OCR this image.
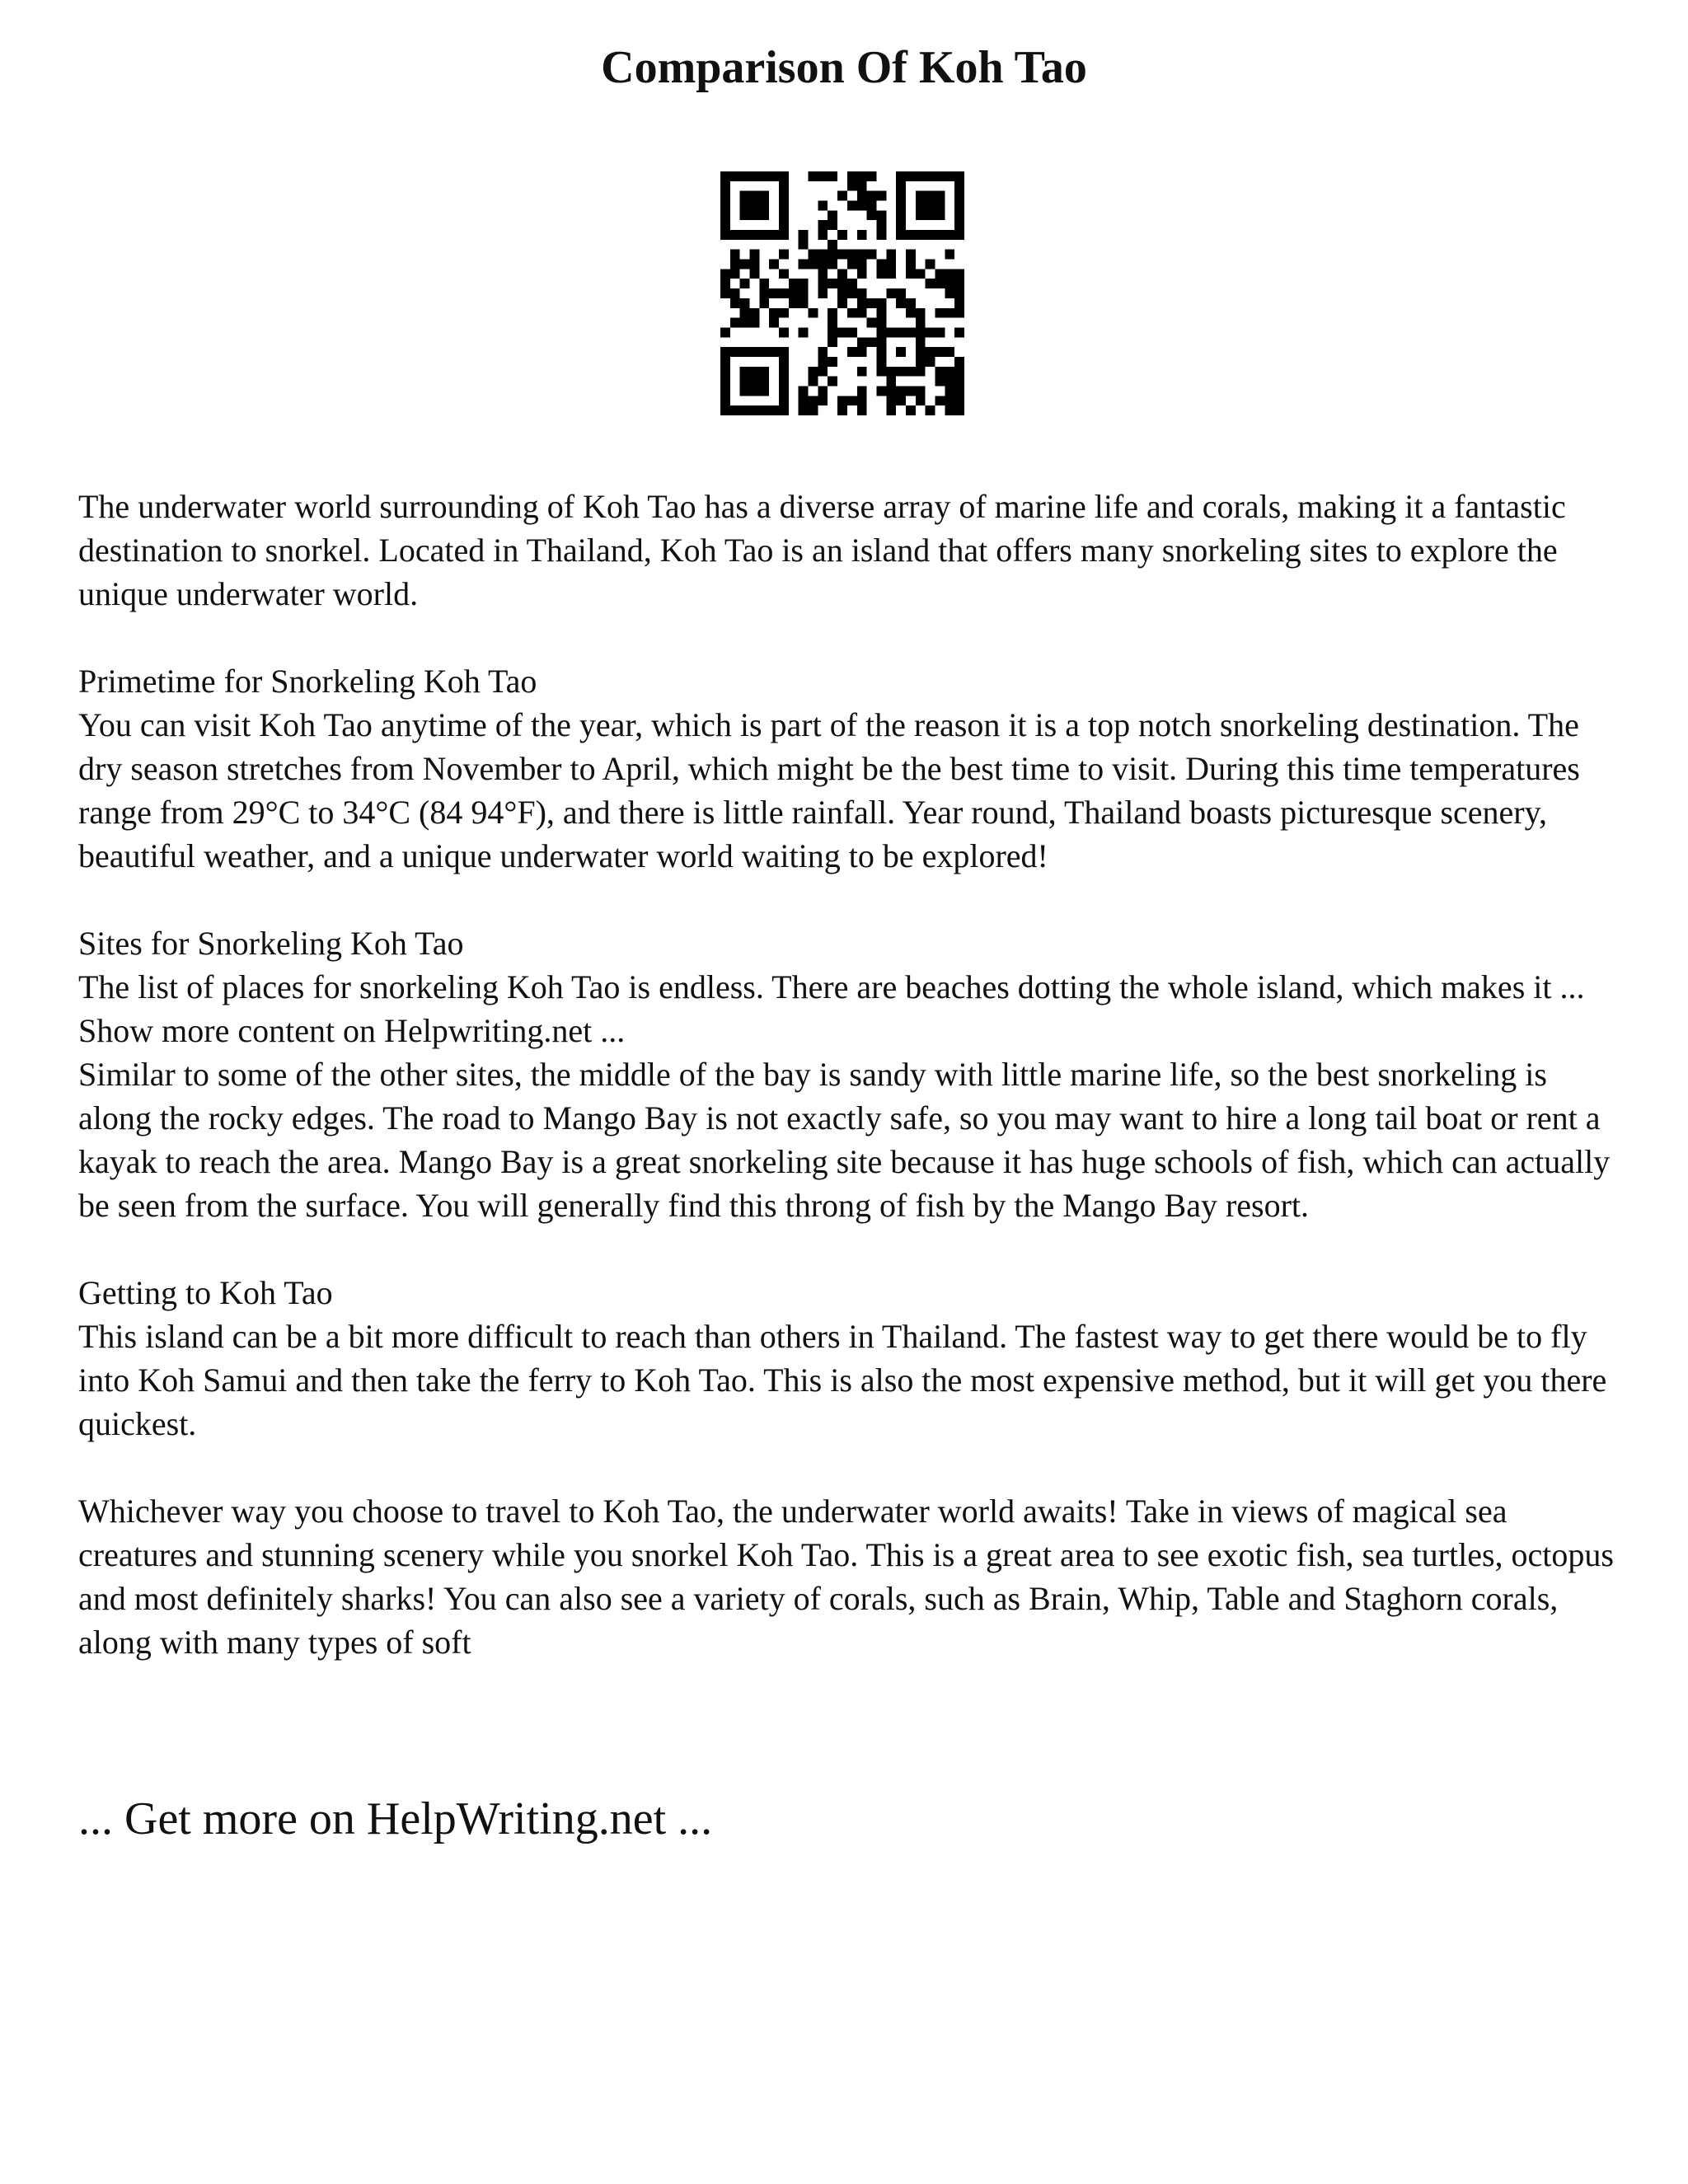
Comparison Of Koh Tao

The underwater world surrounding of Koh Tao has a diverse array of marine life and corals, making it a fantastic destination to snorkel. Located in Thailand, Koh Tao is an island that offers many snorkeling sites to explore the unique underwater world.

Primetime for Snorkeling Koh Tao

You can visit Koh Tao anytime of the year, which is part of the reason it is a top notch snorkeling destination. The dry season stretches from November to April, which might be the best time to visit. During this time temperatures range from 29°C to 34°C (84 94°F), and there is little rainfall. Year round, Thailand boasts picturesque scenery, beautiful weather, and a unique underwater world waiting to be explored!

Sites for Snorkeling Koh Tao

The list of places for snorkeling Koh Tao is endless. There are beaches dotting the whole island, which makes it ... Show more content on Helpwriting.net ...

Similar to some of the other sites, the middle of the bay is sandy with little marine life, so the best snorkeling is along the rocky edges. The road to Mango Bay is not exactly safe, so you may want to hire a long tail boat or rent a kayak to reach the area. Mango Bay is a great snorkeling site because it has huge schools of fish, which can actually be seen from the surface. You will generally find this throng of fish by the Mango Bay resort.

Getting to Koh Tao

This island can be a bit more difficult to reach than others in Thailand. The fastest way to get there would be to fly into Koh Samui and then take the ferry to Koh Tao. This is also the most expensive method, but it will get you there quickest.

Whichever way you choose to travel to Koh Tao, the underwater world awaits! Take in views of magical sea creatures and stunning scenery while you snorkel Koh Tao. This is a great area to see exotic fish, sea turtles, octopus and most definitely sharks! You can also see a variety of corals, such as Brain, Whip, Table and Staghorn corals, along with many types of soft

... Get more on HelpWriting.net ...
